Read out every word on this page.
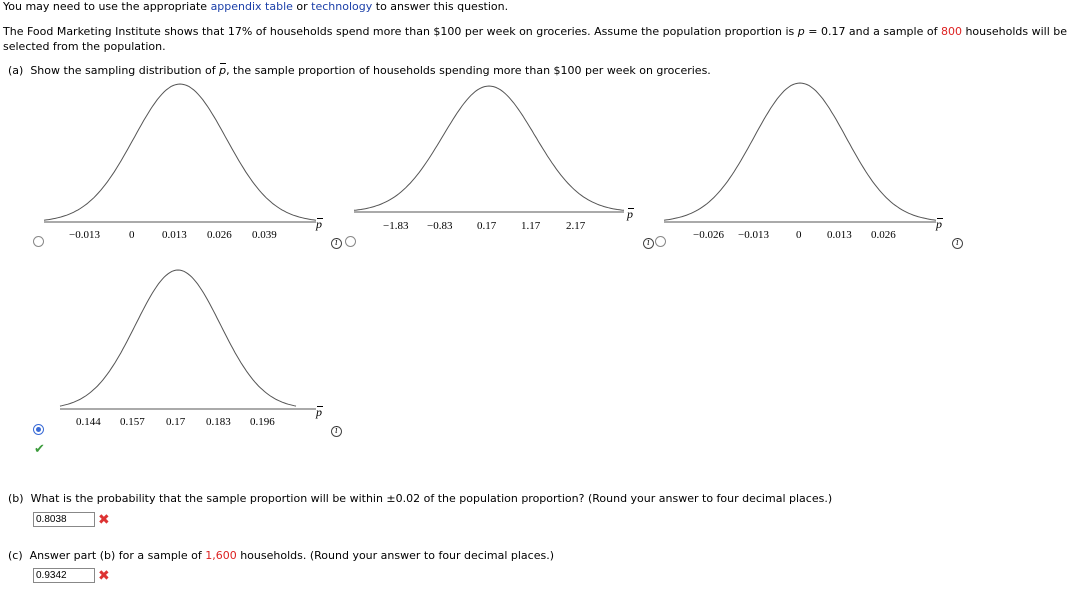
You may need to use the appropriate appendix table or technology to answer this question.
The Food Marketing Institute shows that 17% of households spend more than $100 per week on groceries. Assume the population proportion is p = 0.17 and a sample of 800 households will be
selected from the population.
(a) Show the sampling distribution of
p, the sample proportion of households spending more than $100 per week on groceries.
−0.013	0	0.013 0.026 0.039
p
i
−1.83 −0.83 0.17 1.17 2.17
p
i
−0.026 −0.013 0 0.013 0.026
p
i
0.144 0.157 0.17 0.183 0.196
p
✔
i
(b) What is the probability that the sample proportion will be within ±0.02 of the population proportion? (Round your answer to four decimal places.)
0.8038	✖
(c) Answer part (b) for a sample of 1,600 households. (Round your answer to four decimal places.)
0.9342	✖
